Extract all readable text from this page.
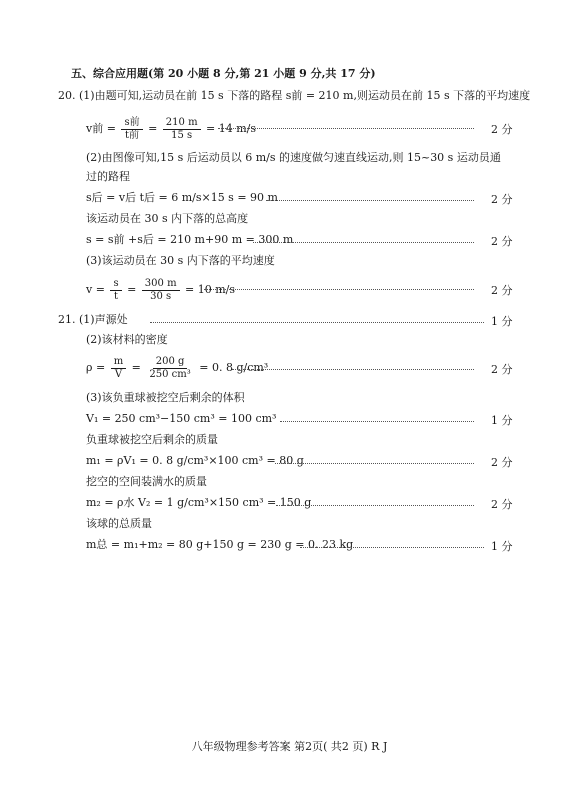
五、综合应用题(第 20 小题 8 分,第 21 小题 9 分,共 17 分)
20. (1)由题可知,运动员在前 15 s 下落的路程 s前 = 210 m,则运动员在前 15 s 下落的平均速度
v前 = $\frac{\text{s前}}{\text{t前}} = \frac{210 m}{15 s} = 14$ m/s	2 分
(2)由图像可知,15 s 后运动员以 6 m/s 的速度做匀速直线运动,则 15~30 s 运动员通
过的路程
s后 = v后 t后 = 6 m/s×15 s = 90 m	2 分
该运动员在 30 s 内下落的总高度
s = s前 +s后 = 210 m+90 m = 300 m	2 分
(3)该运动员在 30 s 内下落的平均速度
$v = \frac{s}{t} = \frac{300 m}{30 s} = 10$ m/s	2 分
21. (1)声源处	1 分
(2)该材料的密度
$\rho = \frac{m}{V} = \frac{200 g}{\text{250 cm³}} = 0$. 8 g/cm³	2 分
(3)该负重球被挖空后剩余的体积
V₁ = 250 cm³−150 cm³ = 100 cm³	1 分
负重球被挖空后剩余的质量
m₁ = ρV₁ = 0. 8 g/cm³×100 cm³ = 80 g	2 分
挖空的空间装满水的质量
m₂ = ρ水 V₂ = 1 g/cm³×150 cm³ = 150 g	2 分
该球的总质量
m总 = m₁+m₂ = 80 g+150 g = 230 g = 0. 23 kg	1 分
八年级物理参考答案 第2页( 共2 页) R J
